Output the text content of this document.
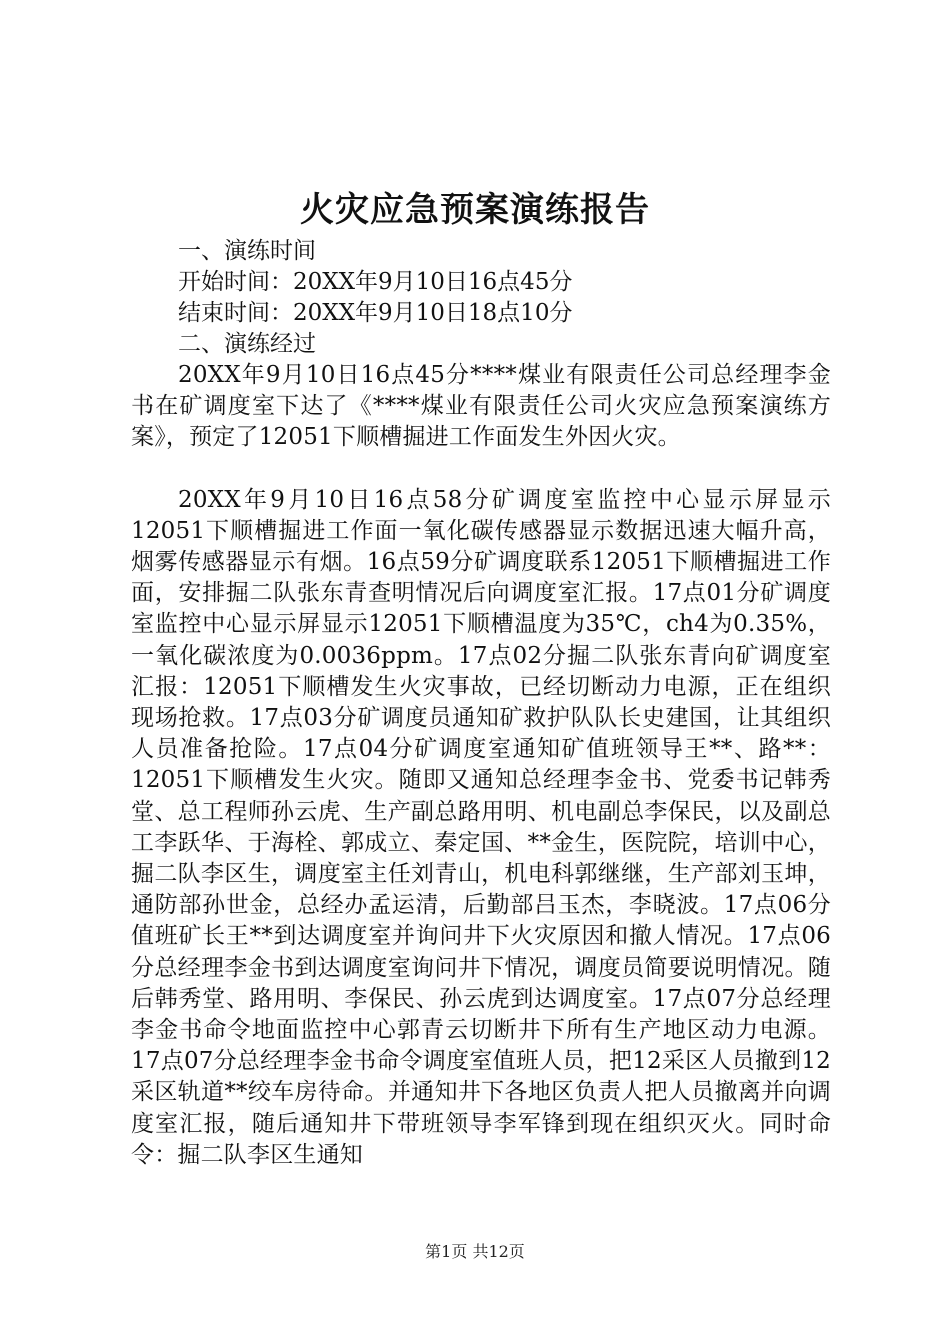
火灾应急预案演练报告
一、演练时间
开始时间：20XX年9月10日16点45分
结束时间：20XX年9月10日18点10分
二、演练经过

20XX年9月10日16点45分****煤业有限责任公司总经理李金书在矿调度室下达了《****煤业有限责任公司火灾应急预案演练方案》，预定了12051下顺槽掘进工作面发生外因火灾。

20XX年9月10日16点58分矿调度室监控中心显示屏显示12051下顺槽掘进工作面一氧化碳传感器显示数据迅速大幅升高，烟雾传感器显示有烟。16点59分矿调度联系12051下顺槽掘进工作面，安排掘二队张东青查明情况后向调度室汇报。17点01分矿调度室监控中心显示屏显示12051下顺槽温度为35℃，ch4为0.35%，一氧化碳浓度为0.0036ppm。17点02分掘二队张东青向矿调度室汇报：12051下顺槽发生火灾事故，已经切断动力电源，正在组织现场抢救。17点03分矿调度员通知矿救护队队长史建国，让其组织人员准备抢险。17点04分矿调度室通知矿值班领导王**、路**：12051下顺槽发生火灾。随即又通知总经理李金书、党委书记韩秀堂、总工程师孙云虎、生产副总路用明、机电副总李保民，以及副总工李跃华、于海栓、郭成立、秦定国、**金生，医院院，培训中心，掘二队李区生，调度室主任刘青山，机电科郭继继，生产部刘玉坤，通防部孙世金，总经办孟运清，后勤部吕玉杰，李晓波。17点06分值班矿长王**到达调度室并询问井下火灾原因和撤人情况。17点06分总经理李金书到达调度室询问井下情况，调度员简要说明情况。随后韩秀堂、路用明、李保民、孙云虎到达调度室。17点07分总经理李金书命令地面监控中心郭青云切断井下所有生产地区动力电源。17点07分总经理李金书命令调度室值班人员，把12采区人员撤到12采区轨道**绞车房待命。并通知井下各地区负责人把人员撤离并向调度室汇报，随后通知井下带班领导李军锋到现在组织灭火。同时命令：掘二队李区生通知

第1页 共12页
